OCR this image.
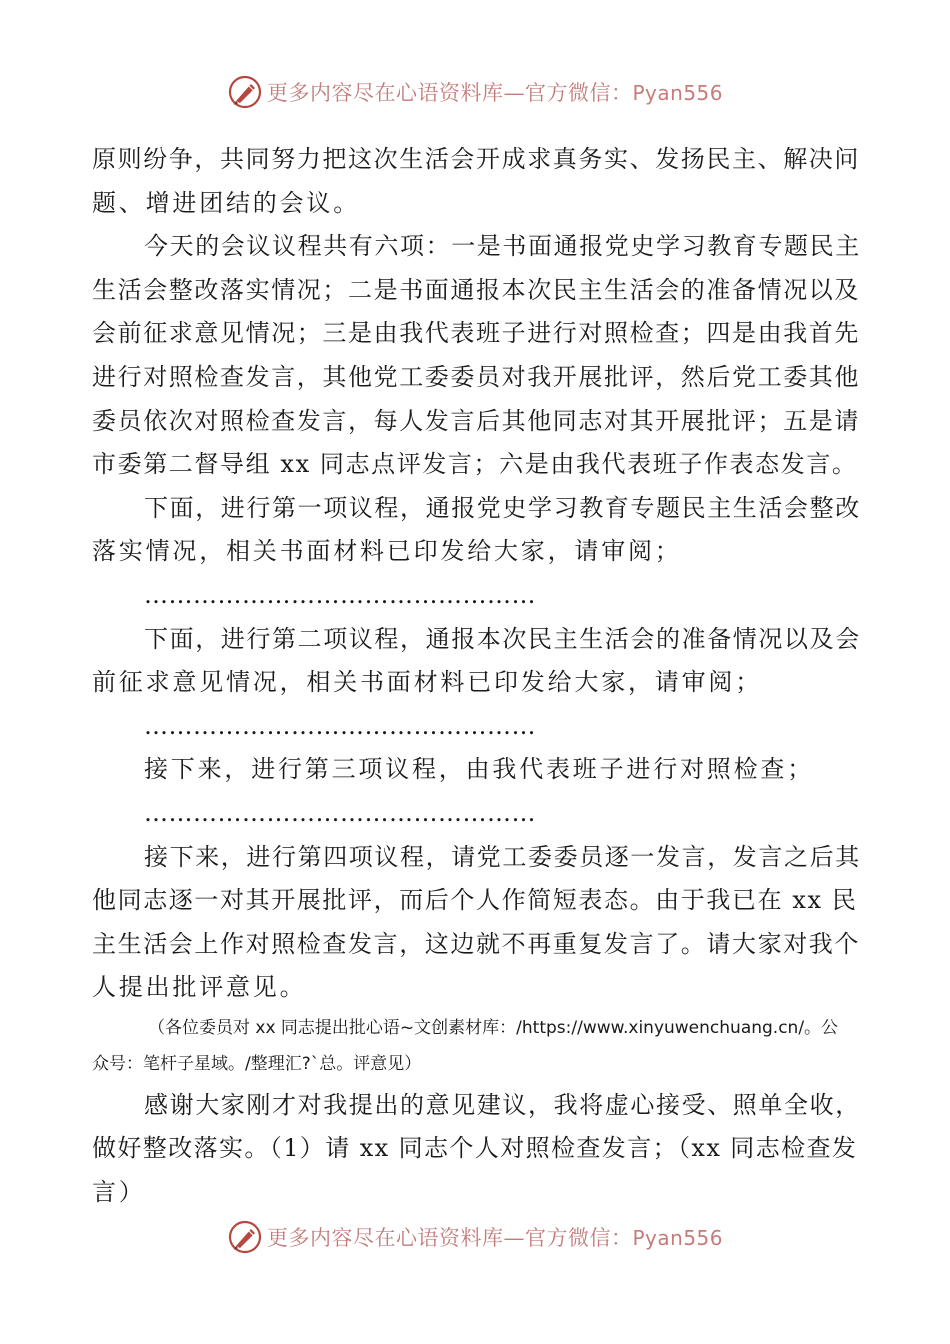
更多内容尽在心语资料库—官方微信：Pyan556
原则纷争，共同努力把这次生活会开成求真务实、发扬民主、解决问
题、增进团结的会议。
今天的会议议程共有六项：一是书面通报党史学习教育专题民主
生活会整改落实情况；二是书面通报本次民主生活会的准备情况以及
会前征求意见情况；三是由我代表班子进行对照检查；四是由我首先
进行对照检查发言，其他党工委委员对我开展批评，然后党工委其他
委员依次对照检查发言，每人发言后其他同志对其开展批评；五是请
市委第二督导组 xx 同志点评发言；六是由我代表班子作表态发言。
下面，进行第一项议程，通报党史学习教育专题民主生活会整改
落实情况，相关书面材料已印发给大家，请审阅；
…………………………………………
下面，进行第二项议程，通报本次民主生活会的准备情况以及会
前征求意见情况，相关书面材料已印发给大家，请审阅；
…………………………………………
接下来，进行第三项议程，由我代表班子进行对照检查；
…………………………………………
接下来，进行第四项议程，请党工委委员逐一发言，发言之后其
他同志逐一对其开展批评，而后个人作简短表态。由于我已在 xx 民
主生活会上作对照检查发言，这边就不再重复发言了。请大家对我个
人提出批评意见。
（各位委员对 xx 同志提出批心语~文创素材库：/https://www.xinyuwenchuang.cn/。公
众号：笔杆子星域。/整理汇?`总。评意见）
感谢大家刚才对我提出的意见建议，我将虚心接受、照单全收，
做好整改落实。（1）请 xx 同志个人对照检查发言；（xx 同志检查发
言）
更多内容尽在心语资料库—官方微信：Pyan556
